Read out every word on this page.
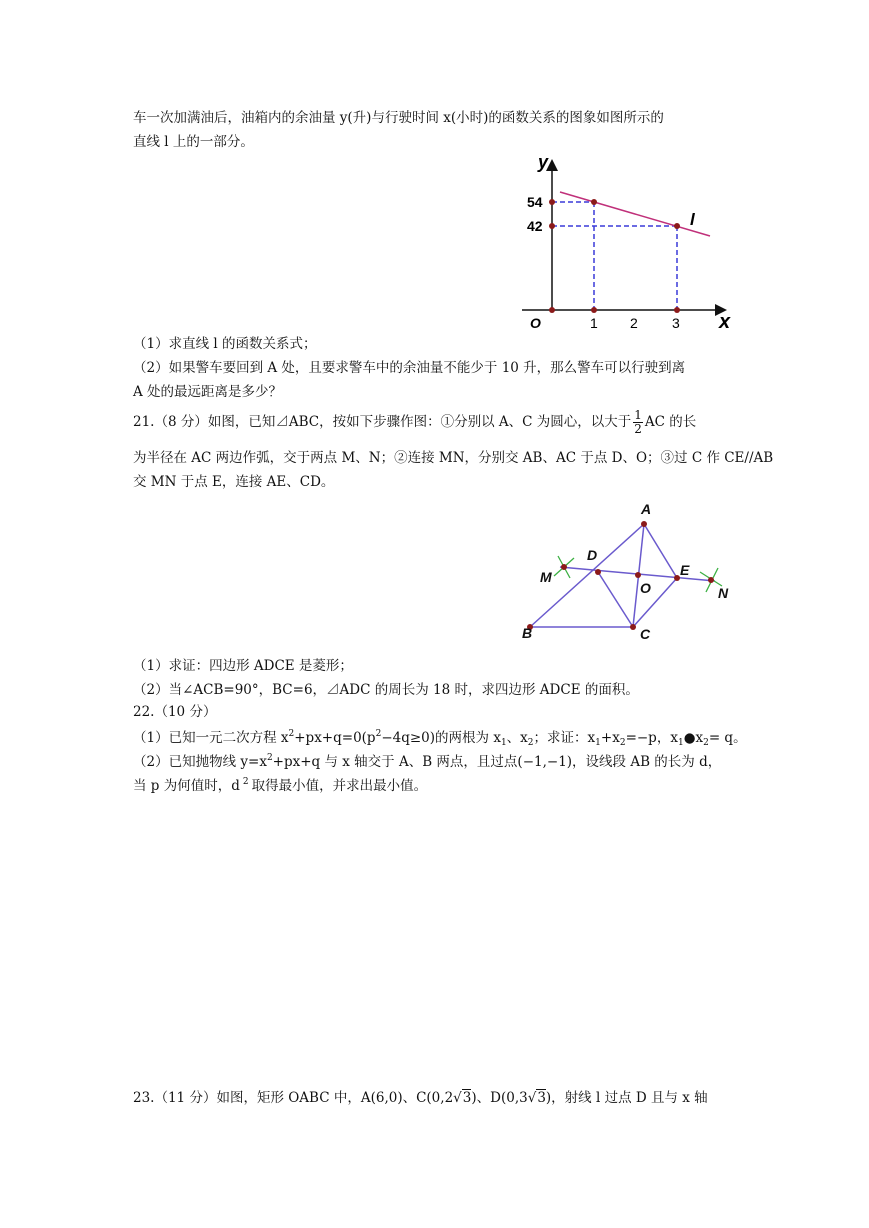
车一次加满油后，油箱内的余油量 y(升)与行驶时间 x(小时)的函数关系的图象如图所示的
直线 l 上的一部分。
y
x
O
54
42
1 2 3
l
（1）求直线 l 的函数关系式；
（2）如果警车要回到 A 处，且要求警车中的余油量不能少于 10 升，那么警车可以行驶到离
A 处的最远距离是多少？
21.（8 分）如图，已知⊿ABC，按如下步骤作图：①分别以 A、C 为圆心，以大于 $\frac{1}{2}$ AC 的长
为半径在 AC 两边作弧，交于两点 M、N；②连接 MN，分别交 AB、AC 于点 D、O；③过 C 作 CE//AB
交 MN 于点 E，连接 AE、CD。
A
B	C
D
O
E
M
N
（1）求证：四边形 ADCE 是菱形；
（2）当∠ACB=90°，BC=6，⊿ADC 的周长为 18 时，求四边形 ADCE 的面积。
22.（10 分）
（1）已知一元二次方程 $x^2+px+q=0(p^2-4q\ge 0)$的两根为 $x_1$、$x_2$；求证：$x_1+x_2=-p$，$x_1●x_2= q$。
（2）已知抛物线 $y=x^2+px+q$ 与 x 轴交于 A、B 两点，且过点(−1,−1)，设线段 AB 的长为 d，
当 p 为何值时，d $^2$ 取得最小值，并求出最小值。
23.（11 分）如图，矩形 OABC 中，A(6,0)、C(0,2√3)、D(0,3√3)，射线 l 过点 D 且与 x 轴
